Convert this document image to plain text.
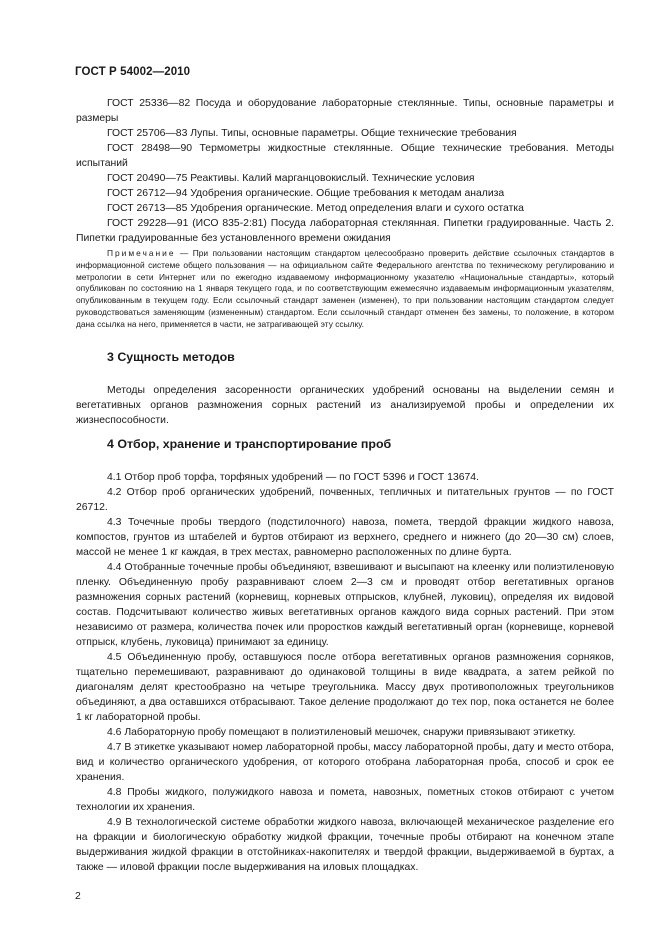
ГОСТ Р 54002—2010

ГОСТ 25336—82 Посуда и оборудование лабораторные стеклянные. Типы, основные параметры и размеры

ГОСТ 25706—83 Лупы. Типы, основные параметры. Общие технические требования

ГОСТ 28498—90 Термометры жидкостные стеклянные. Общие технические требования. Методы испытаний

ГОСТ 20490—75 Реактивы. Калий марганцовокислый. Технические условия

ГОСТ 26712—94 Удобрения органические. Общие требования к методам анализа

ГОСТ 26713—85 Удобрения органические. Метод определения влаги и сухого остатка

ГОСТ 29228—91 (ИСО 835-2:81) Посуда лабораторная стеклянная. Пипетки градуированные. Часть 2. Пипетки градуированные без установленного времени ожидания

Примечание — При пользовании настоящим стандартом целесообразно проверить действие ссылочных стандартов в информационной системе общего пользования — на официальном сайте Федерального агентства по техническому регулированию и метрологии в сети Интернет или по ежегодно издаваемому информационному указателю «Национальные стандарты», который опубликован по состоянию на 1 января текущего года, и по соответствующим ежемесячно издаваемым информационным указателям, опубликованным в текущем году. Если ссылочный стандарт заменен (изменен), то при пользовании настоящим стандартом следует руководствоваться заменяющим (измененным) стандартом. Если ссылочный стандарт отменен без замены, то положение, в котором дана ссылка на него, применяется в части, не затрагивающей эту ссылку.

3 Сущность методов

Методы определения засоренности органических удобрений основаны на выделении семян и вегетативных органов размножения сорных растений из анализируемой пробы и определении их жизнеспособности.

4 Отбор, хранение и транспортирование проб

4.1 Отбор проб торфа, торфяных удобрений — по ГОСТ 5396 и ГОСТ 13674.

4.2 Отбор проб органических удобрений, почвенных, тепличных и питательных грунтов — по ГОСТ 26712.

4.3 Точечные пробы твердого (подстилочного) навоза, помета, твердой фракции жидкого навоза, компостов, грунтов из штабелей и буртов отбирают из верхнего, среднего и нижнего (до 20—30 см) слоев, массой не менее 1 кг каждая, в трех местах, равномерно расположенных по длине бурта.

4.4 Отобранные точечные пробы объединяют, взвешивают и высыпают на клеенку или полиэтиленовую пленку. Объединенную пробу разравнивают слоем 2—3 см и проводят отбор вегетативных органов размножения сорных растений (корневищ, корневых отпрысков, клубней, луковиц), определяя их видовой состав. Подсчитывают количество живых вегетативных органов каждого вида сорных растений. При этом независимо от размера, количества почек или проростков каждый вегетативный орган (корневище, корневой отпрыск, клубень, луковица) принимают за единицу.

4.5 Объединенную пробу, оставшуюся после отбора вегетативных органов размножения сорняков, тщательно перемешивают, разравнивают до одинаковой толщины в виде квадрата, а затем рейкой по диагоналям делят крестообразно на четыре треугольника. Массу двух противоположных треугольников объединяют, а два оставшихся отбрасывают. Такое деление продолжают до тех пор, пока останется не более 1 кг лабораторной пробы.

4.6 Лабораторную пробу помещают в полиэтиленовый мешочек, снаружи привязывают этикетку.

4.7 В этикетке указывают номер лабораторной пробы, массу лабораторной пробы, дату и место отбора, вид и количество органического удобрения, от которого отобрана лабораторная проба, способ и срок ее хранения.

4.8 Пробы жидкого, полужидкого навоза и помета, навозных, пометных стоков отбирают с учетом технологии их хранения.

4.9 В технологической системе обработки жидкого навоза, включающей механическое разделение его на фракции и биологическую обработку жидкой фракции, точечные пробы отбирают на конечном этапе выдерживания жидкой фракции в отстойниках-накопителях и твердой фракции, выдерживаемой в буртах, а также — иловой фракции после выдерживания на иловых площадках.

2
